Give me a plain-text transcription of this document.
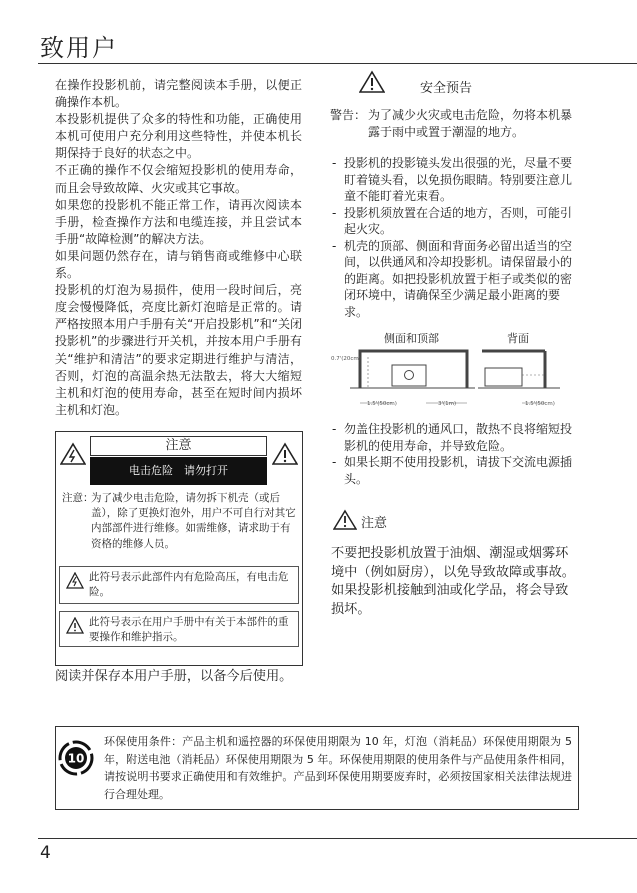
致用户

在操作投影机前，请完整阅读本手册，以便正确操作本机。

本投影机提供了众多的特性和功能，正确使用本机可使用户充分利用这些特性，并使本机长期保持于良好的状态之中。

不正确的操作不仅会缩短投影机的使用寿命，而且会导致故障、火灾或其它事故。

如果您的投影机不能正常工作，请再次阅读本手册，检查操作方法和电缆连接，并且尝试本手册“故障检测”的解决方法。

如果问题仍然存在，请与销售商或维修中心联系。

投影机的灯泡为易损件，使用一段时间后，亮度会慢慢降低，亮度比新灯泡暗是正常的。请严格按照本用户手册有关“开启投影机”和“关闭投影机”的步骤进行开关机，并按本用户手册有关“维护和清洁”的要求定期进行维护与清洁，否则，灯泡的高温余热无法散去，将大大缩短主机和灯泡的使用寿命，甚至在短时间内损坏主机和灯泡。

注意
电击危险　请勿打开
注意：
为了减少电击危险，请勿拆下机壳（或后盖），除了更换灯泡外，用户不可自行对其它内部部件进行维修。如需维修，请求助于有资格的维修人员。
此符号表示此部件内有危险高压，有电击危险。
此符号表示在用户手册中有关于本部件的重要操作和维护指示。
阅读并保存本用户手册，以备今后使用。
安全预告
警告： 为了减少火灾或电击危险，勿将本机暴露于雨中或置于潮湿的地方。
- 投影机的投影镜头发出很强的光，尽量不要盯着镜头看，以免损伤眼睛。特别要注意儿童不能盯着光束看。
- 投影机须放置在合适的地方，否则，可能引起火灾。
- 机壳的顶部、侧面和背面务必留出适当的空间，以供通风和冷却投影机。请保留最小的的距离。如把投影机放置于柜子或类似的密闭环境中，请确保至少满足最小距离的要求。
侧面和顶部	背面
0.7'(20cm)
1.5'(50cm)	3'(1m)	1.5'(50cm)
- 勿盖住投影机的通风口，散热不良将缩短投影机的使用寿命，并导致危险。
- 如果长期不使用投影机，请拔下交流电源插头。
注意
不要把投影机放置于油烟、潮湿或烟雾环境中（例如厨房），以免导致故障或事故。如果投影机接触到油或化学品，将会导致损坏。
10
环保使用条件：产品主机和遥控器的环保使用期限为 10 年，灯泡（消耗品）环保使用期限为 5 年，附送电池（消耗品）环保使用期限为 5 年。环保使用期限的使用条件与产品使用条件相同，请按说明书要求正确使用和有效维护。产品到环保使用期要废弃时，必须按国家相关法律法规进行合理处理。
4
